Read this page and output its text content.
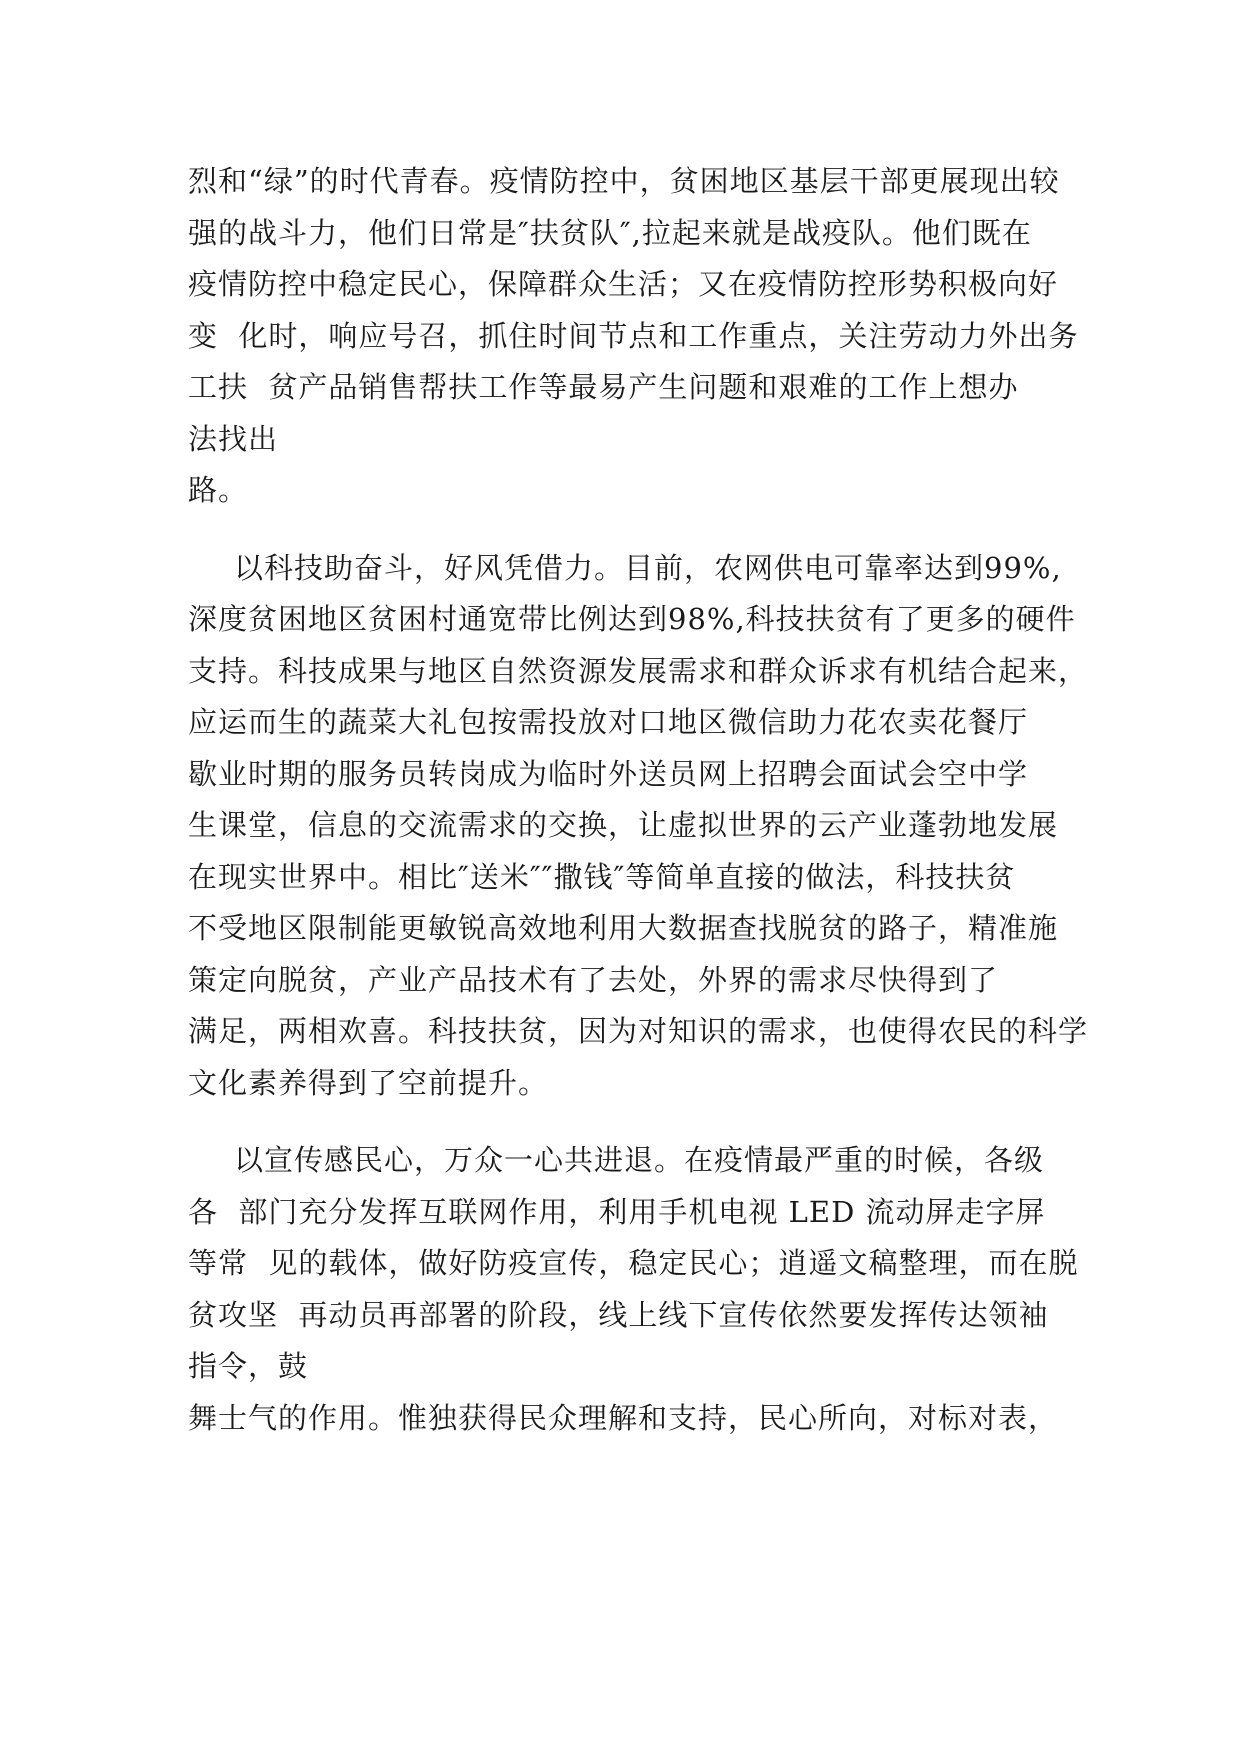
烈和“绿”的时代青春。疫情防控中，贫困地区基层干部更展现出较
强的战斗力，他们日常是″扶贫队″,拉起来就是战疫队。他们既在
疫情防控中稳定民心，保障群众生活；又在疫情防控形势积极向好
变  化时，响应号召，抓住时间节点和工作重点，关注劳动力外出务
工扶  贫产品销售帮扶工作等最易产生问题和艰难的工作上想办
法找出
路。
以科技助奋斗，好风凭借力。目前，农网供电可靠率达到99%,
深度贫困地区贫困村通宽带比例达到98%,科技扶贫有了更多的硬件
支持。科技成果与地区自然资源发展需求和群众诉求有机结合起来，
应运而生的蔬菜大礼包按需投放对口地区微信助力花农卖花餐厅
歇业时期的服务员转岗成为临时外送员网上招聘会面试会空中学
生课堂，信息的交流需求的交换，让虚拟世界的云产业蓬勃地发展
在现实世界中。相比″送米″″撒钱″等简单直接的做法，科技扶贫
不受地区限制能更敏锐高效地利用大数据查找脱贫的路子，精准施
策定向脱贫，产业产品技术有了去处，外界的需求尽快得到了
满足，两相欢喜。科技扶贫，因为对知识的需求，也使得农民的科学
文化素养得到了空前提升。
以宣传感民心，万众一心共进退。在疫情最严重的时候，各级
各  部门充分发挥互联网作用，利用手机电视 LED 流动屏走字屏
等常  见的载体，做好防疫宣传，稳定民心；逍遥文稿整理，而在脱
贫攻坚  再动员再部署的阶段，线上线下宣传依然要发挥传达领袖
指令，鼓
舞士气的作用。惟独获得民众理解和支持，民心所向，对标对表，
